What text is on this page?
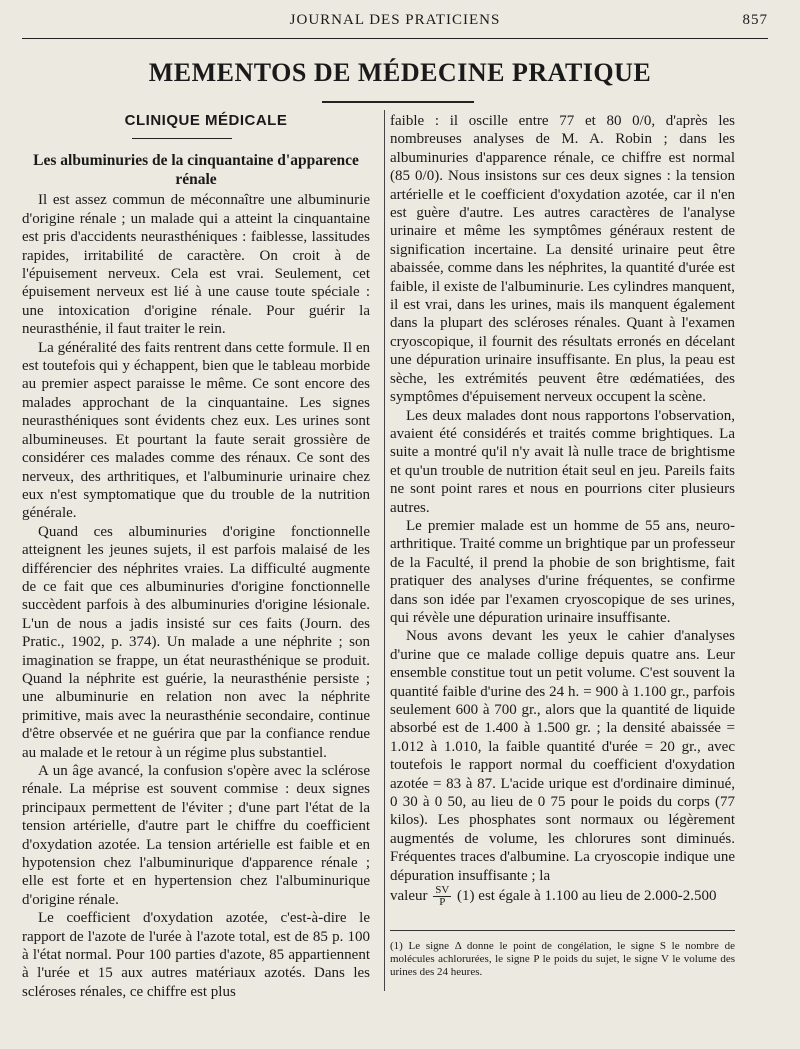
JOURNAL DES PRATICIENS	857
MEMENTOS DE MÉDECINE PRATIQUE
CLINIQUE MÉDICALE
Les albuminuries de la cinquantaine d'apparence rénale

Il est assez commun de méconnaître une albuminurie d'origine rénale ; un malade qui a atteint la cinquantaine est pris d'accidents neurasthéniques : faiblesse, lassitudes rapides, irritabilité de caractère. On croit à de l'épuisement nerveux. Cela est vrai. Seulement, cet épuisement nerveux est lié à une cause toute spéciale : une intoxication d'origine rénale. Pour guérir la neurasthénie, il faut traiter le rein.

La généralité des faits rentrent dans cette formule. Il en est toutefois qui y échappent, bien que le tableau morbide au premier aspect paraisse le même. Ce sont encore des malades approchant de la cinquantaine. Les signes neurasthéniques sont évidents chez eux. Les urines sont albumineuses. Et pourtant la faute serait grossière de considérer ces malades comme des rénaux. Ce sont des nerveux, des arthritiques, et l'albuminurie urinaire chez eux n'est symptomatique que du trouble de la nutrition générale.

Quand ces albuminuries d'origine fonctionnelle atteignent les jeunes sujets, il est parfois malaisé de les différencier des néphrites vraies. La difficulté augmente de ce fait que ces albuminuries d'origine fonctionnelle succèdent parfois à des albuminuries d'origine lésionale. L'un de nous a jadis insisté sur ces faits (Journ. des Pratic., 1902, p. 374). Un malade a une néphrite ; son imagination se frappe, un état neurasthénique se produit. Quand la néphrite est guérie, la neurasthénie persiste ; une albuminurie en relation non avec la néphrite primitive, mais avec la neurasthénie secondaire, continue d'être observée et ne guérira que par la confiance rendue au malade et le retour à un régime plus substantiel.

A un âge avancé, la confusion s'opère avec la sclérose rénale. La méprise est souvent commise : deux signes principaux permettent de l'éviter ; d'une part l'état de la tension artérielle, d'autre part le chiffre du coefficient d'oxydation azotée. La tension artérielle est faible et en hypotension chez l'albuminurique d'apparence rénale ; elle est forte et en hypertension chez l'albuminurique d'origine rénale.

Le coefficient d'oxydation azotée, c'est-à-dire le rapport de l'azote de l'urée à l'azote total, est de 85 p. 100 à l'état normal. Pour 100 parties d'azote, 85 appartiennent à l'urée et 15 aux autres matériaux azotés. Dans les scléroses rénales, ce chiffre est plus

faible : il oscille entre 77 et 80 0/0, d'après les nombreuses analyses de M. A. Robin ; dans les albuminuries d'apparence rénale, ce chiffre est normal (85 0/0). Nous insistons sur ces deux signes : la tension artérielle et le coefficient d'oxydation azotée, car il n'en est guère d'autre. Les autres caractères de l'analyse urinaire et même les symptômes généraux restent de signification incertaine. La densité urinaire peut être abaissée, comme dans les néphrites, la quantité d'urée est faible, il existe de l'albuminurie. Les cylindres manquent, il est vrai, dans les urines, mais ils manquent également dans la plupart des scléroses rénales. Quant à l'examen cryoscopique, il fournit des résultats erronés en décelant une dépuration urinaire insuffisante. En plus, la peau est sèche, les extrémités peuvent être œdématiées, des symptômes d'épuisement nerveux occupent la scène.

Les deux malades dont nous rapportons l'observation, avaient été considérés et traités comme brightiques. La suite a montré qu'il n'y avait là nulle trace de brightisme et qu'un trouble de nutrition était seul en jeu. Pareils faits ne sont point rares et nous en pourrions citer plusieurs autres.

Le premier malade est un homme de 55 ans, neuro-arthritique. Traité comme un brightique par un professeur de la Faculté, il prend la phobie de son brightisme, fait pratiquer des analyses d'urine fréquentes, se confirme dans son idée par l'examen cryoscopique de ses urines, qui révèle une dépuration urinaire insuffisante.

Nous avons devant les yeux le cahier d'analyses d'urine que ce malade collige depuis quatre ans. Leur ensemble constitue tout un petit volume. C'est souvent la quantité faible d'urine des 24 h. = 900 à 1.100 gr., parfois seulement 600 à 700 gr., alors que la quantité de liquide absorbé est de 1.400 à 1.500 gr. ; la densité abaissée = 1.012 à 1.010, la faible quantité d'urée = 20 gr., avec toutefois le rapport normal du coefficient d'oxydation azotée = 83 à 87. L'acide urique est d'ordinaire diminué, 0 30 à 0 50, au lieu de 0 75 pour le poids du corps (77 kilos). Les phosphates sont normaux ou légèrement augmentés de volume, les chlorures sont diminués. Fréquentes traces d'albumine. La cryoscopie indique une dépuration insuffisante ; la

valeur $\frac{SV}{P} (1)$ est égale à 1.100 au lieu de 2.000-2.500

(1) Le signe Δ donne le point de congélation, le signe S le nombre de molécules achlorurées, le signe P le poids du sujet, le signe V le volume des urines des 24 heures.
